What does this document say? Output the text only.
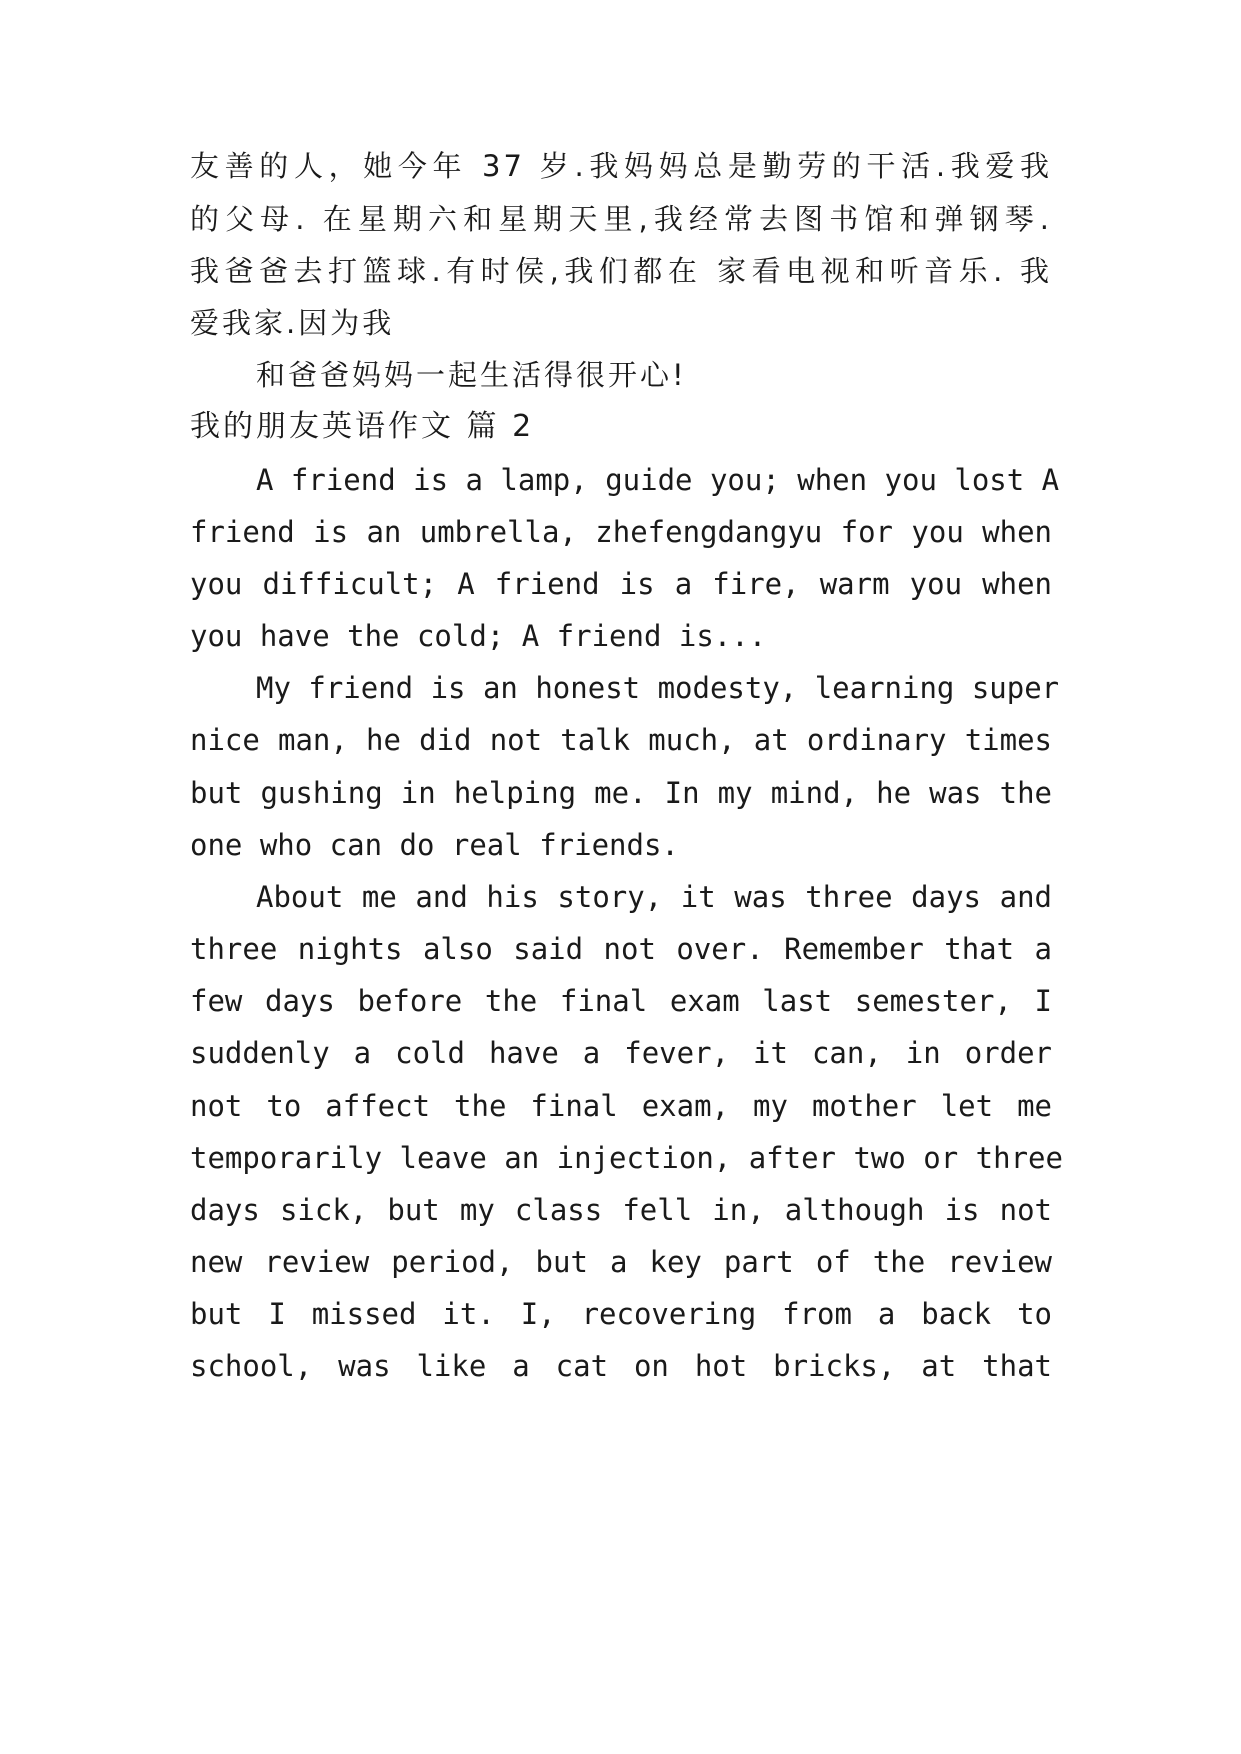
友善的人，她今年 37 岁.我妈妈总是勤劳的干活.我爱我
的父母. 在星期六和星期天里,我经常去图书馆和弹钢琴.
我爸爸去打篮球.有时侯,我们都在 家看电视和听音乐. 我
爱我家.因为我
和爸爸妈妈一起生活得很开心!
我的朋友英语作文 篇 2
A friend is a lamp, guide you; when you lost A
friend is an umbrella, zhefengdangyu for you when
you difficult; A friend is a fire, warm you when
you have the cold; A friend is...
My friend is an honest modesty, learning super
nice man, he did not talk much, at ordinary times
but gushing in helping me. In my mind, he was the
one who can do real friends.
About me and his story, it was three days and
three nights also said not over. Remember that a
few days before the final exam last semester, I
suddenly a cold have a fever, it can, in order
not to affect the final exam, my mother let me
temporarily leave an injection, after two or three
days sick, but my class fell in, although is not
new review period, but a key part of the review
but I missed it. I, recovering from a back to
school, was like a cat on hot bricks, at that
